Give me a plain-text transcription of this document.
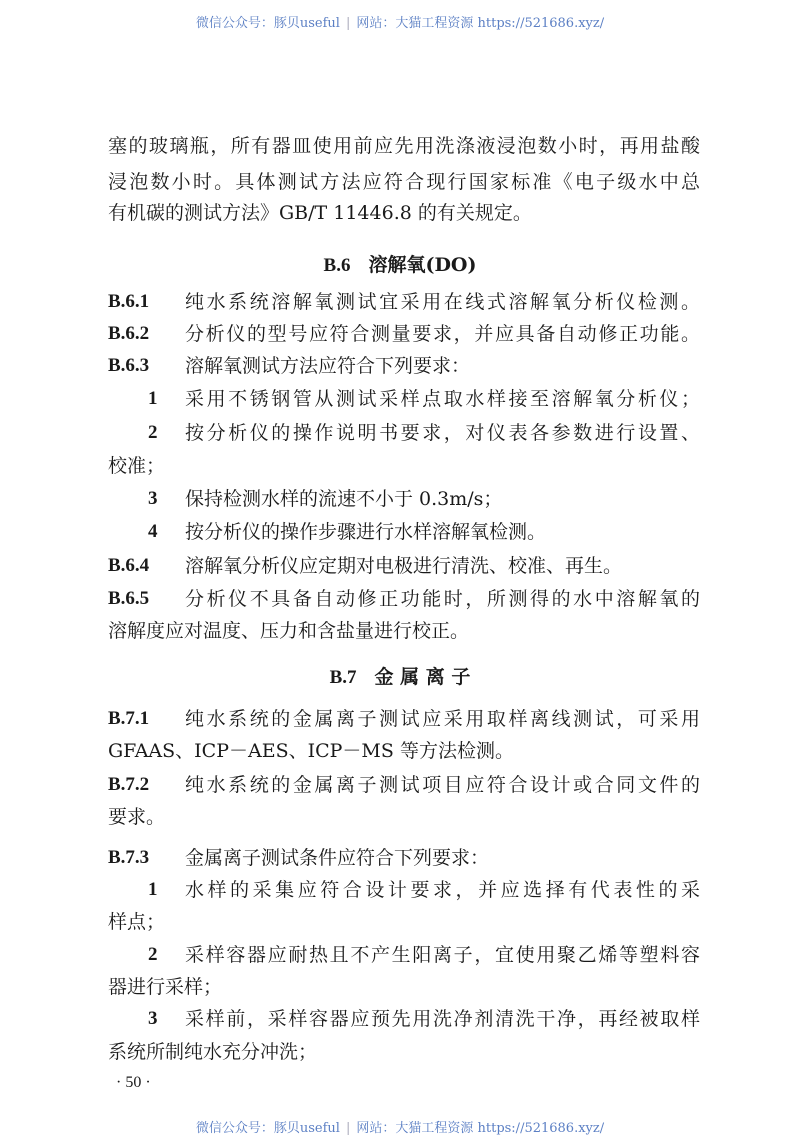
微信公众号：豚贝useful | 网站：大猫工程资源 https://521686.xyz/
塞的玻璃瓶，所有器皿使用前应先用洗涤液浸泡数小时，再用盐酸
浸泡数小时。具体测试方法应符合现行国家标准《电子级水中总
有机碳的测试方法》GB/T 11446.8 的有关规定。
B.6 溶解氧(DO)
B.6.1 纯水系统溶解氧测试宜采用在线式溶解氧分析仪检测。
B.6.2 分析仪的型号应符合测量要求，并应具备自动修正功能。
B.6.3 溶解氧测试方法应符合下列要求：
1 采用不锈钢管从测试采样点取水样接至溶解氧分析仪；
2 按分析仪的操作说明书要求，对仪表各参数进行设置、
校准；
3 保持检测水样的流速不小于 0.3m/s；
4 按分析仪的操作步骤进行水样溶解氧检测。
B.6.4 溶解氧分析仪应定期对电极进行清洗、校准、再生。
B.6.5 分析仪不具备自动修正功能时，所测得的水中溶解氧的
溶解度应对温度、压力和含盐量进行校正。
B.7 金 属 离 子
B.7.1 纯水系统的金属离子测试应采用取样离线测试，可采用
GFAAS、ICP－AES、ICP－MS 等方法检测。
B.7.2 纯水系统的金属离子测试项目应符合设计或合同文件的
要求。
B.7.3 金属离子测试条件应符合下列要求：
1 水样的采集应符合设计要求，并应选择有代表性的采
样点；
2 采样容器应耐热且不产生阳离子，宜使用聚乙烯等塑料容
器进行采样；
3 采样前，采样容器应预先用洗净剂清洗干净，再经被取样
系统所制纯水充分冲洗；
· 50 ·
微信公众号：豚贝useful | 网站：大猫工程资源 https://521686.xyz/
